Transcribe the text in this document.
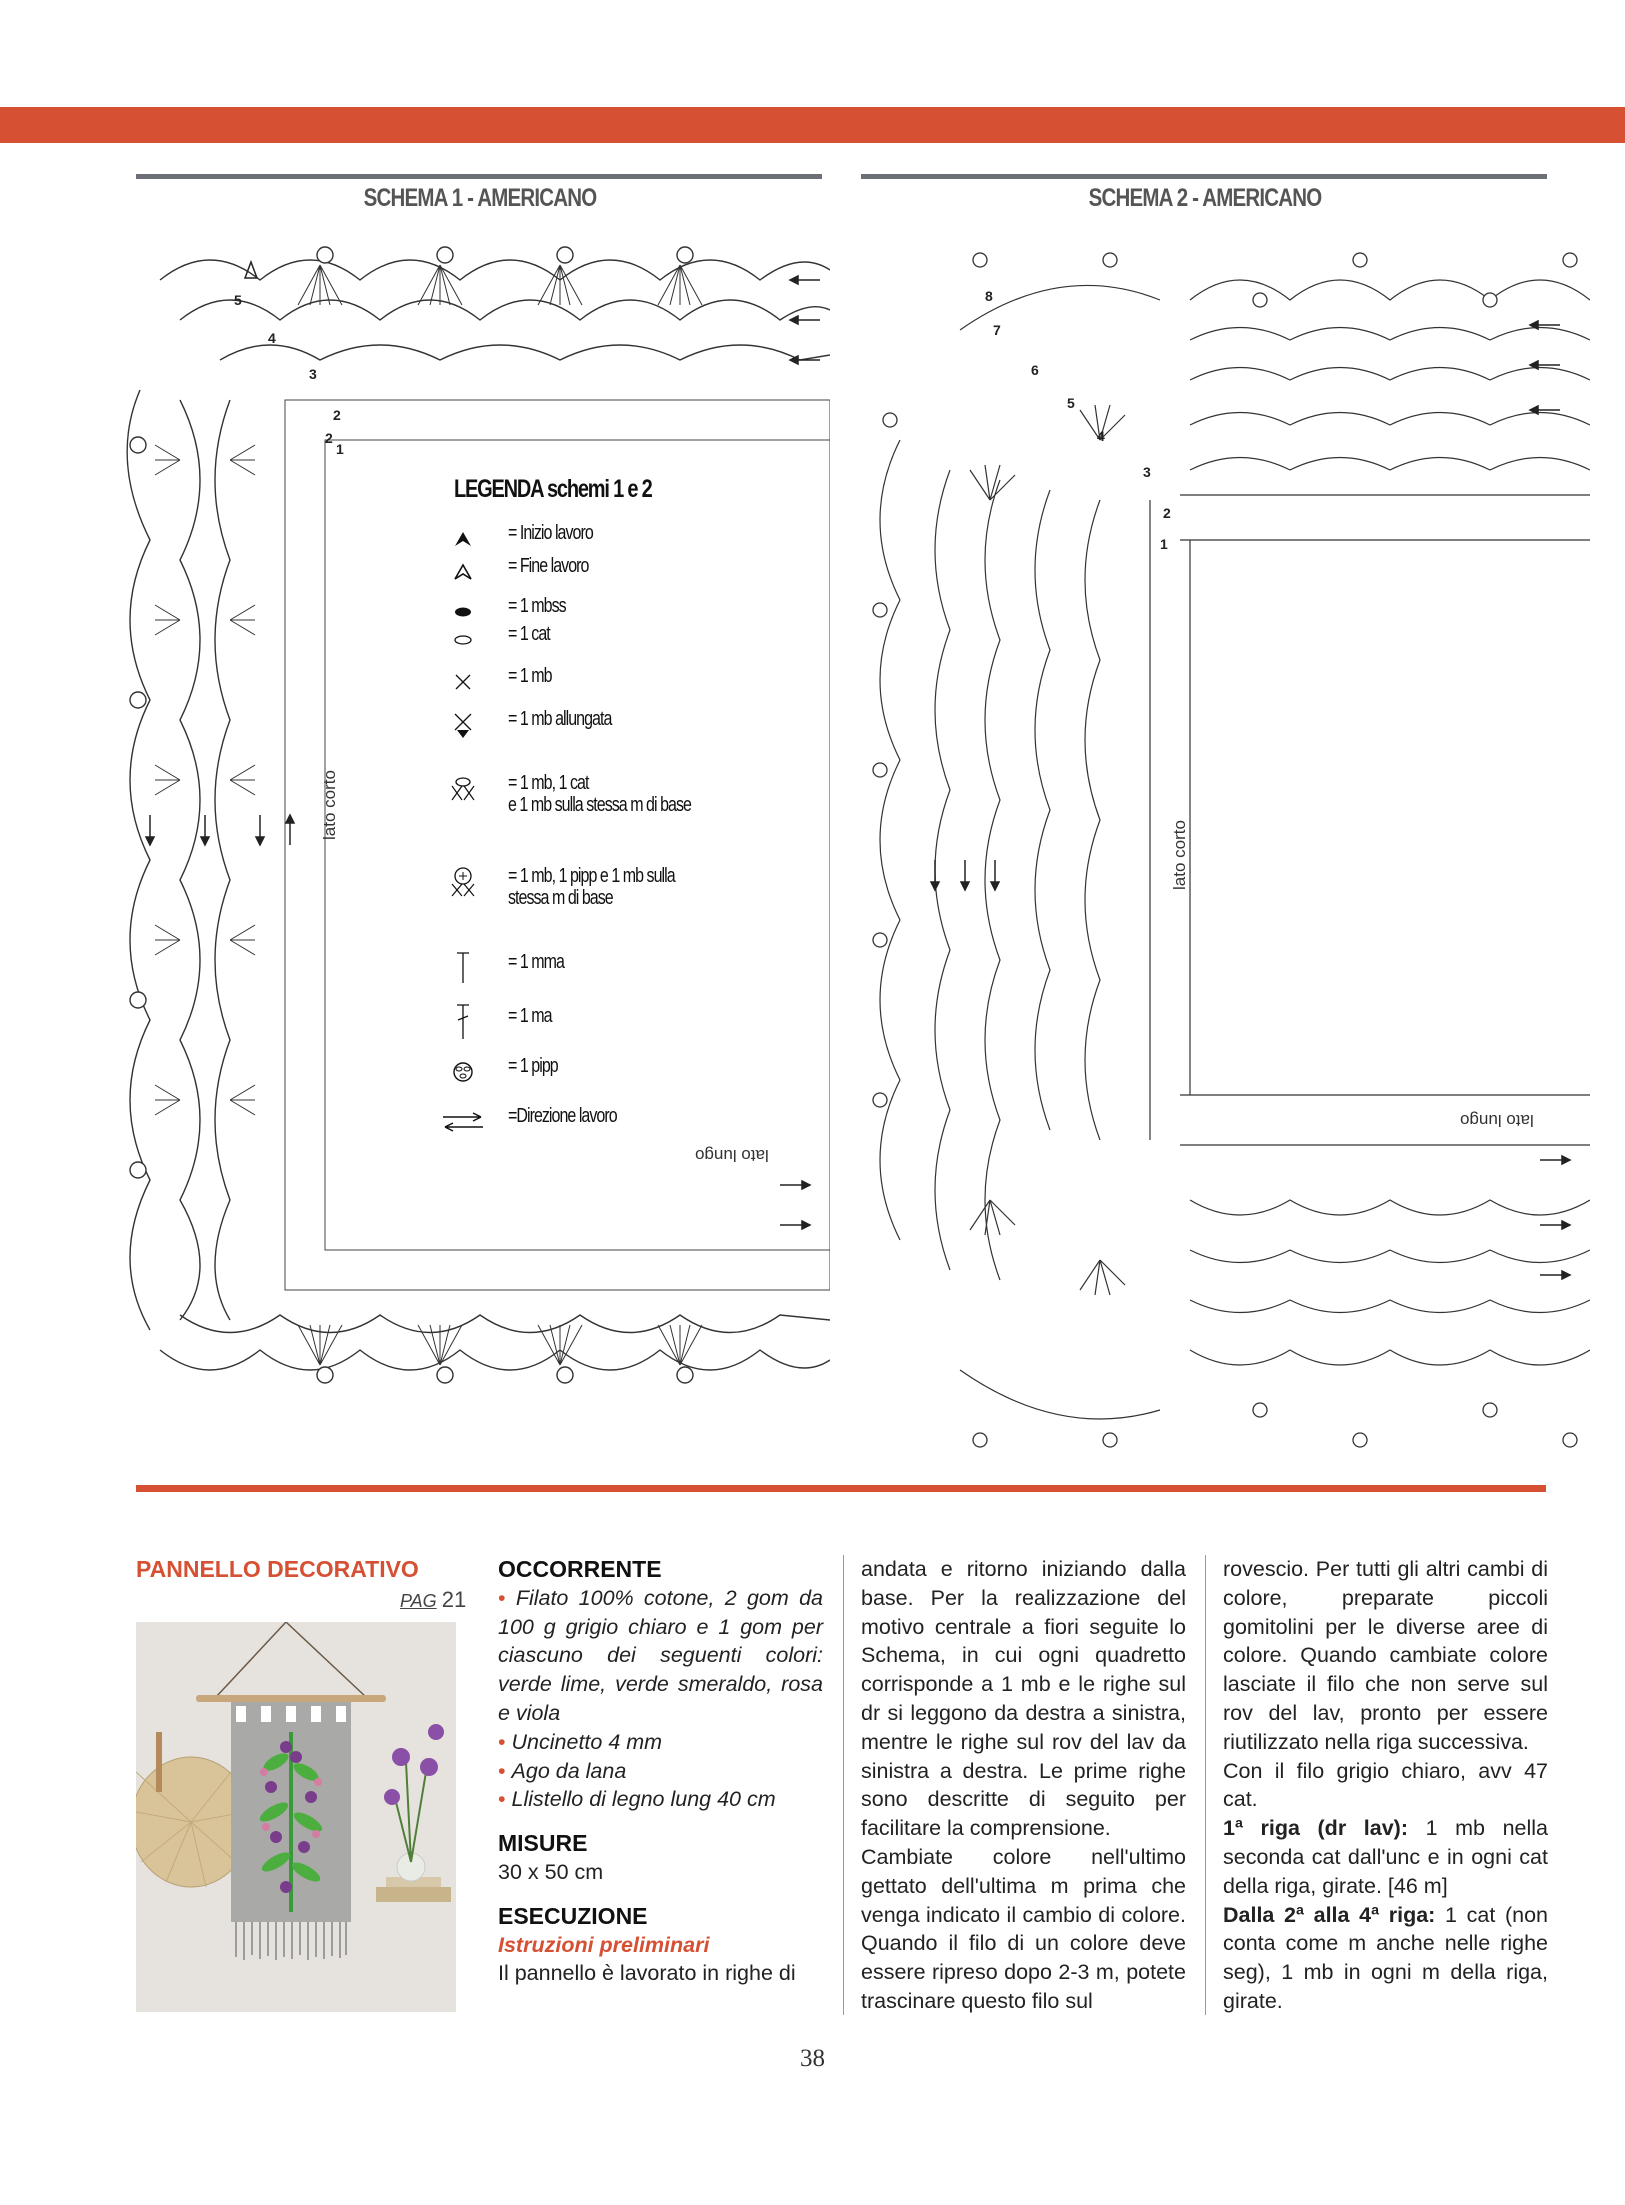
SCHEMA 1 - AMERICANO	SCHEMA 2 - AMERICANO
5
4
3
2
2
1
8
7
6
5
4
3
2
1
lato corto
lato lungo
lato corto
lato lungo
LEGENDA schemi 1 e 2
= Inizio lavoro
= Fine lavoro
= 1 mbss
= 1 cat
= 1 mb
= 1 mb allungata
= 1 mb, 1 cat
e 1 mb sulla stessa m di base
= 1 mb, 1 pipp e 1 mb sulla
stessa m di base
= 1 mma
= 1 ma
= 1 pipp
=Direzione lavoro
PANNELLO DECORATIVO
PAG 21

OCCORRENTE

• Filato 100% cotone, 2 gom da 100 g grigio chiaro e 1 gom per ciascuno dei seguenti colori: verde lime, verde smeraldo, rosa e viola

• Uncinetto 4 mm

• Ago da lana

• Llistello di legno lung 40 cm

MISURE

30 x 50 cm

ESECUZIONE

Istruzioni preliminari

Il pannello è lavorato in righe di

andata e ritorno iniziando dalla base. Per la realizzazione del motivo centrale a fiori seguite lo Schema, in cui ogni quadretto corrisponde a 1 mb e le righe sul dr si leggono da destra a sinistra, mentre le righe sul rov del lav da sinistra a destra. Le prime righe sono descritte di seguito per facilitare la comprensione.

Cambiate colore nell'ultimo gettato dell'ultima m prima che venga indicato il cambio di colore. Quando il filo di un colore deve essere ripreso dopo 2-3 m, potete trascinare questo filo sul

rovescio. Per tutti gli altri cambi di colore, preparate piccoli gomitolini per le diverse aree di colore. Quando cambiate colore lasciate il filo che non serve sul rov del lav, pronto per essere riutilizzato nella riga successiva.

Con il filo grigio chiaro, avv 47 cat.

1ª riga (dr lav): 1 mb nella seconda cat dall'unc e in ogni cat della riga, girate. [46 m]

Dalla 2ª alla 4ª riga: 1 cat (non conta come m anche nelle righe seg), 1 mb in ogni m della riga, girate.

38
